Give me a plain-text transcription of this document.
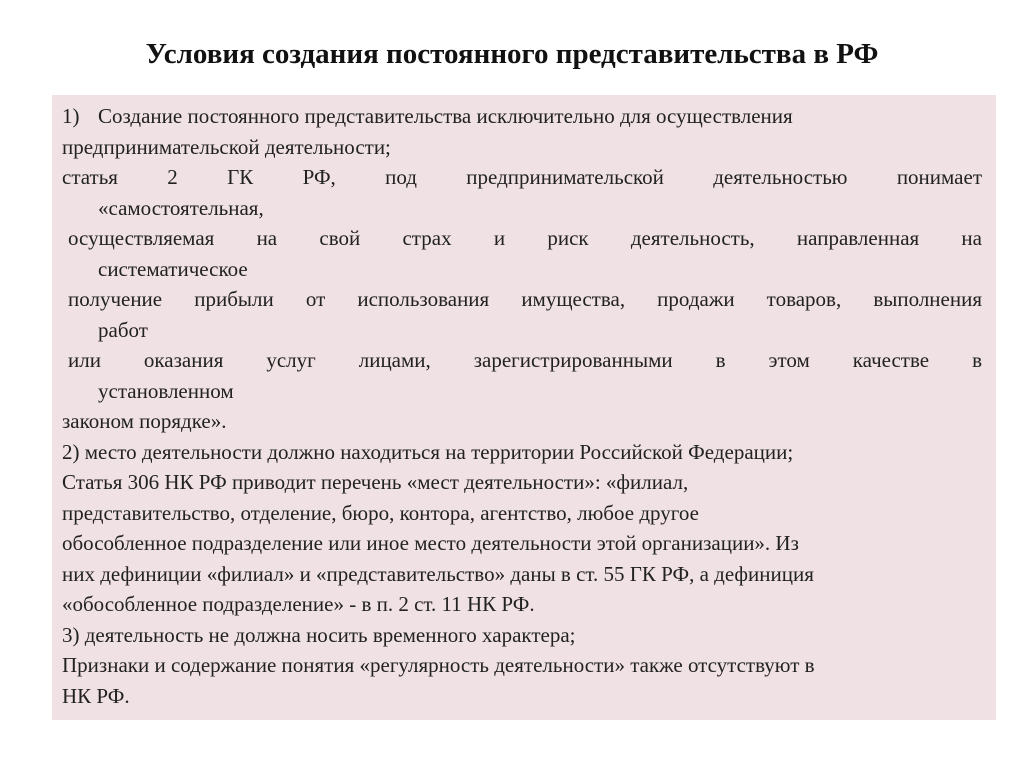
Условия создания постоянного представительства в РФ

1) Создание постоянного представительства исключительно для осуществления

предпринимательской деятельности;

статья 2 ГК РФ, под предпринимательской деятельностью понимает

«самостоятельная,

осуществляемая на свой страх и риск деятельность, направленная на

систематическое

получение прибыли от использования имущества, продажи товаров, выполнения

работ

или оказания услуг лицами, зарегистрированными в этом качестве в

установленном

законом порядке».

2) место деятельности должно находиться на территории Российской Федерации;

Статья 306 НК РФ приводит перечень «мест деятельности»: «филиал,

представительство, отделение, бюро, контора, агентство, любое другое

обособленное подразделение или иное место деятельности этой организации». Из

них дефиниции «филиал» и «представительство» даны в ст. 55 ГК РФ, а дефиниция

«обособленное подразделение» - в п. 2 ст. 11 НК РФ.

3) деятельность не должна носить временного характера;

Признаки и содержание понятия «регулярность деятельности» также отсутствуют в

НК РФ.
